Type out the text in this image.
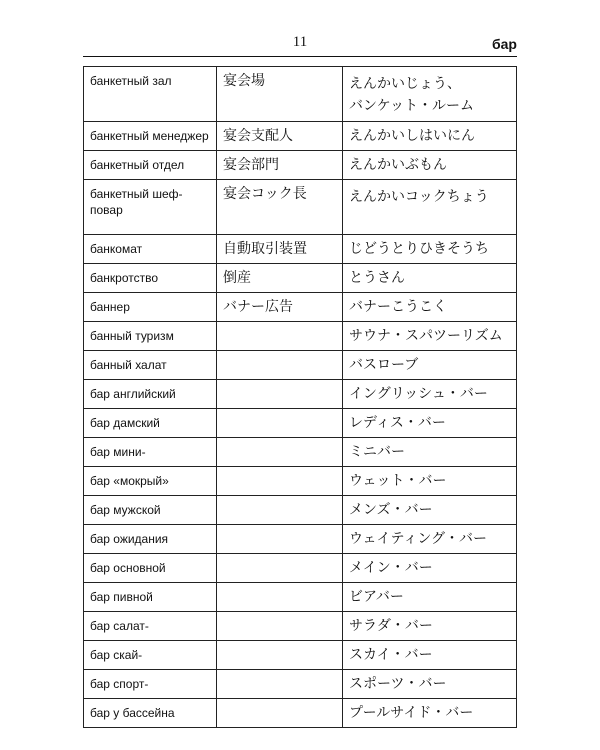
11	бар
банкетный зал	宴会場	えんかいじょう、
バンケット・ルーム

банкетный менеджер	宴会支配人	えんかいしはいにん

банкетный отдел	宴会部門	えんかいぶもん

банкетный шеф-повар	宴会コック長	えんかいコックちょう

банкомат	自動取引装置	じどうとりひきそうち

банкротство	倒産	とうさん

баннер	バナー広告	バナーこうこく

банный туризм		サウナ・スパツーリズム

банный халат		バスローブ

бар английский		イングリッシュ・バー

бар дамский		レディス・バー

бар мини-		ミニバー

бар «мокрый»		ウェット・バー

бар мужской		メンズ・バー

бар ожидания		ウェイティング・バー

бар основной		メイン・バー

бар пивной		ビアバー

бар салат-		サラダ・バー

бар скай-		スカイ・バー

бар спорт-		スポーツ・バー

бар у бассейна		プールサイド・バー
